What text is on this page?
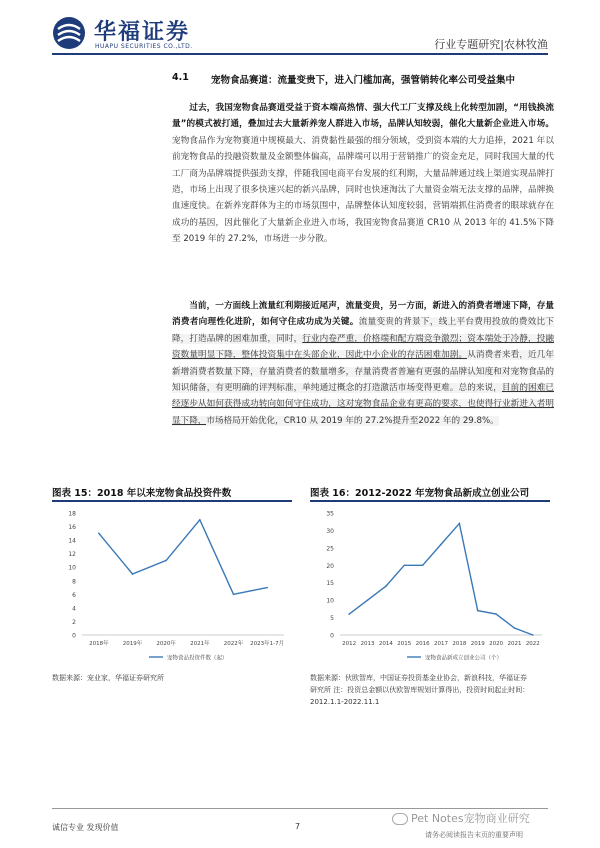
华福证券
HUAPU SECURITIES CO.,LTD.	行业专题研究|农林牧渔
4.1 宠物食品赛道：流量变贵下，进入门槛加高，强管销转化率公司受益集中
过去，我国宠物食品赛道受益于资本端高热情、强大代工厂支撑及线上化转型加剧，“用钱换流量”的模式被打通，叠加过去大量新养宠人群进入市场，品牌认知较弱，催化大量新企业进入市场。宠物食品作为宠物赛道中规模最大、消费黏性最强的细分领域，受到资本端的大力追捧，2021 年以前宠物食品的投融资数量及金额整体偏高，品牌端可以用于营销推广的资金充足，同时我国大量的代工厂商为品牌端提供强劲支撑，伴随我国电商平台发展的红利期，大量品牌通过线上渠道实现品牌打造，市场上出现了很多快速兴起的新兴品牌，同时也快速淘汰了大量资金端无法支撑的品牌，品牌换血速度快。在新养宠群体为主的市场氛围中，品牌整体认知度较弱，营销端抓住消费者的眼球就存在成功的基因，因此催化了大量新企业进入市场，我国宠物食品赛道 CR10 从 2013 年的 41.5%下降至 2019 年的 27.2%，市场进一步分散。
当前，一方面线上流量红利期接近尾声，流量变贵，另一方面，新进入的消费者增速下降，存量消费者向理性化进阶，如何守住成功成为关键。流量变贵的背景下，线上平台费用投放的费效比下降，打造品牌的困难加重，同时，行业内卷严重，价格端和配方端竞争激烈；资本端处于冷静，投融资数量明显下降，整体投资集中在头部企业，因此中小企业的存活困难加剧。从消费者来看，近几年新增消费者数量下降，存量消费者的数量增多，存量消费者普遍有更强的品牌认知度和对宠物食品的知识储备，有更明确的评判标准，单纯通过概念的打造激活市场变得更难。总的来说，目前的困难已经逐步从如何获得成功转向如何守住成功，这对宠物食品企业有更高的要求，也使得行业新进入者明显下降，市场格局开始优化，CR10 从 2019 年的 27.2%提升至2022 年的 29.8%。
图表 15：2018 年以来宠物食品投资件数
0
2
4
6
8
10
12
14
16
18
2018年	2019年	2020年	2021年	2022年 2023年1-7月
宠物食品投资件数（起）
数据来源：宠业家，华福证券研究所
图表 16：2012-2022 年宠物食品新成立创业公司
0
5
10
15
20
25
30
35
2012 2013 2014 2015 2016 2017 2018 2019 2020 2021 2022
宠物食品新成立创业公司（个）
数据来源：伙欧智库，中国证券投资基金业协会，新浪科技，华福证券
研究所 注：投资总金额以伙欧智库规划计算得出，投资时间起止时间：
2012.1.1-2022.11.1
诚信专业 发现价值	7
Pet Notes宠物商业研究
请务必阅读报告末页的重要声明
